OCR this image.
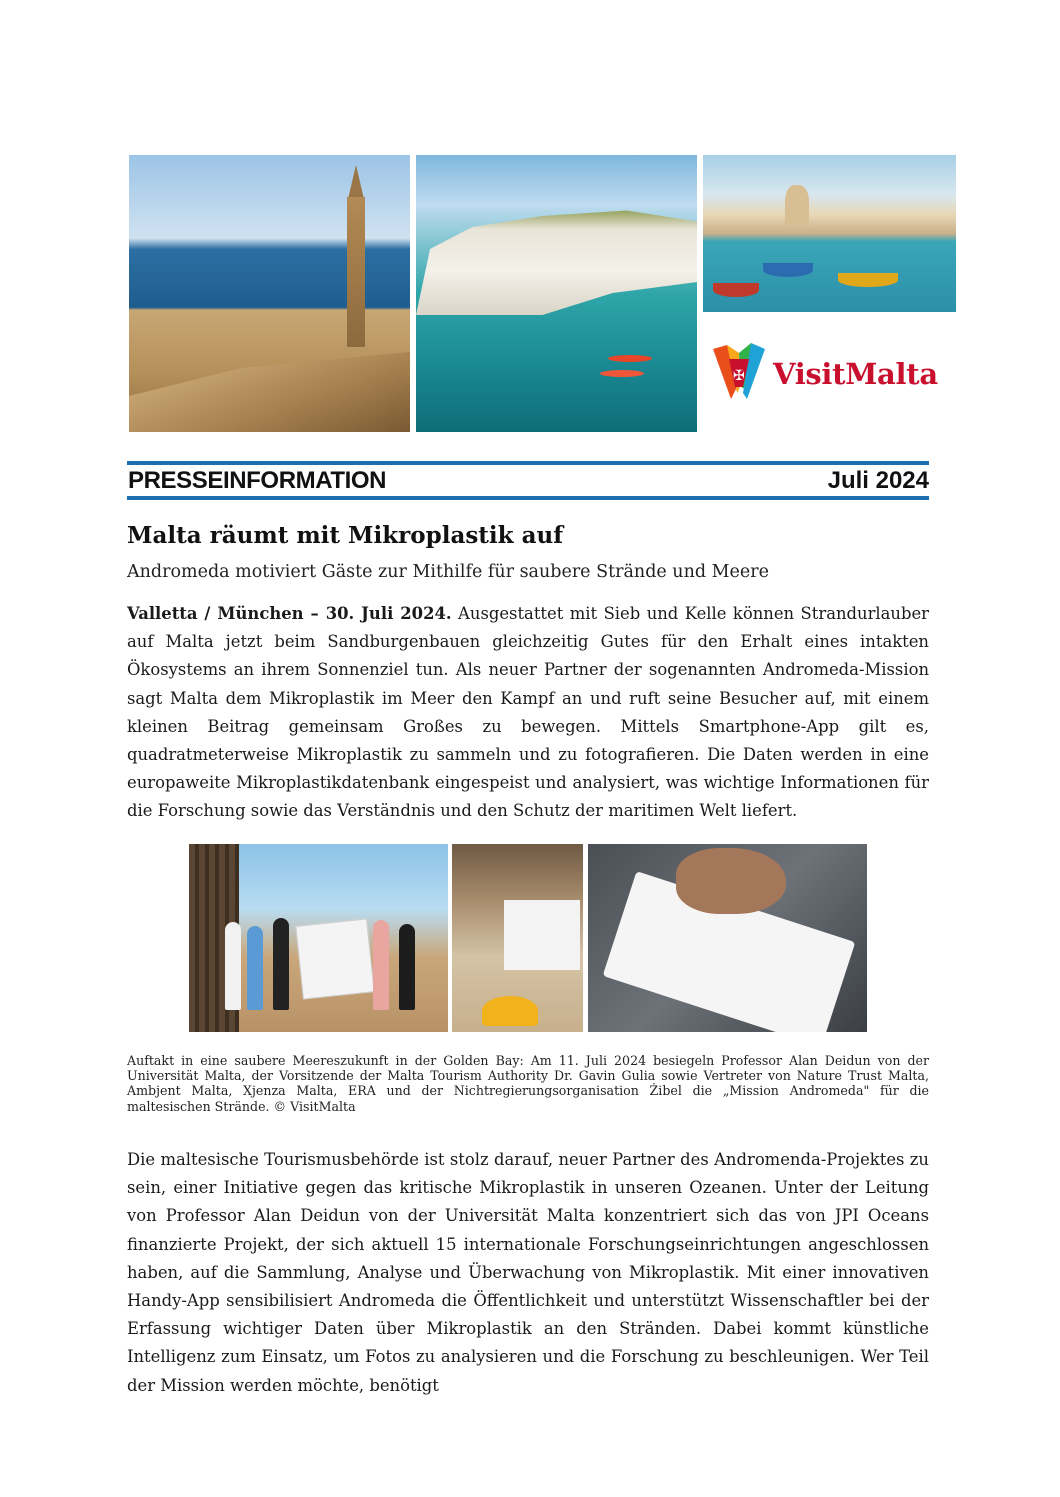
✠ VisitMalta
PRESSEINFORMATION	Juli 2024
Malta räumt mit Mikroplastik auf
Andromeda motiviert Gäste zur Mithilfe für saubere Strände und Meere

Valletta / München – 30. Juli 2024. Ausgestattet mit Sieb und Kelle können Strandurlauber auf Malta jetzt beim Sandburgenbauen gleichzeitig Gutes für den Erhalt eines intakten Ökosystems an ihrem Sonnenziel tun. Als neuer Partner der sogenannten Andromeda-Mission sagt Malta dem Mikroplastik im Meer den Kampf an und ruft seine Besucher auf, mit einem kleinen Beitrag gemeinsam Großes zu bewegen. Mittels Smartphone-App gilt es, quadratmeterweise Mikroplastik zu sammeln und zu fotografieren. Die Daten werden in eine europaweite Mikroplastikdatenbank eingespeist und analysiert, was wichtige Informationen für die Forschung sowie das Verständnis und den Schutz der maritimen Welt liefert.

Auftakt in eine saubere Meereszukunft in der Golden Bay: Am 11. Juli 2024 besiegeln Professor Alan Deidun von der Universität Malta, der Vorsitzende der Malta Tourism Authority Dr. Gavin Gulia sowie Vertreter von Nature Trust Malta, Ambjent Malta, Xjenza Malta, ERA und der Nichtregierungsorganisation Żibel die „Mission Andromeda" für die maltesischen Strände. © VisitMalta

Die maltesische Tourismusbehörde ist stolz darauf, neuer Partner des Andromenda-Projektes zu sein, einer Initiative gegen das kritische Mikroplastik in unseren Ozeanen. Unter der Leitung von Professor Alan Deidun von der Universität Malta konzentriert sich das von JPI Oceans finanzierte Projekt, der sich aktuell 15 internationale Forschungseinrichtungen angeschlossen haben, auf die Sammlung, Analyse und Überwachung von Mikroplastik. Mit einer innovativen Handy-App sensibilisiert Andromeda die Öffentlichkeit und unterstützt Wissenschaftler bei der Erfassung wichtiger Daten über Mikroplastik an den Stränden. Dabei kommt künstliche Intelligenz zum Einsatz, um Fotos zu analysieren und die Forschung zu beschleunigen. Wer Teil der Mission werden möchte, benötigt
